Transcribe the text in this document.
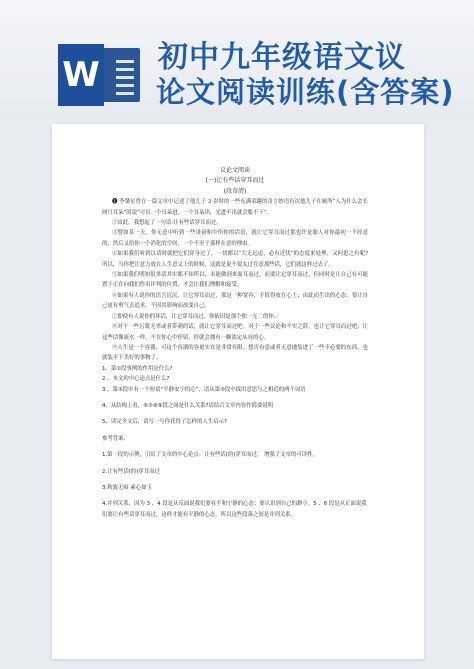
W 初中九年级语文议
论文阅读训练(含答案)
议论文阅读
(一)让有些话穿耳而过
(段奇清)
❶ 李肇星曾在一篇文章中记述了他儿子 3 岁时的一些充满童趣的奇言妙语有次他儿子在厕所“人为什么会长两只耳朵”时说“可以一个耳朵进，一个耳朵出，光进不出就会胀不下”。
②由此，我想起了一句话:让有些话穿耳而过。
③譬如某一天，你无意中听到一些诽谤和中伤你的话语，就让它穿耳而过那也许是聪人对你最初一不经意的，然后又给你一个消化的空间，一个不至于那样在意的理由。
④如果我们听到以话时就把它们穿身过了，一切都以“大无远虑，必有近忧”的态度来处理，又何患之有呢? 所以，当你把注意力放在人生意义上的时候，这就是说不要太过在意那些话，它们就这样过去了。
⑤如果我们明知很多话其实都不知所以，未能做到来面耳而过，而要让它穿耳而过，但同时是让自己有可能置于正在向我们作出评判的位置，才会让我们理解和接受。
⑥如果有人说你的语言沉沉，让它穿耳而过，那是一种宽容，不值得放在心上；由此而生出的心态，要让自己更有勇气去追求，不因其影响而改变自己。
⑦即使有人说你的坏话，让它穿耳而过，你依旧是那个独一无二的你。
⑧对于一些污蔑无辜或者带刺的话，就让它穿耳而过吧。对于一些议论和不实之辞，也让它穿耳而过吧；让这些话像流水一样，不在你心中停留，你就会拥有一颗淡定从容的心。
⑨人生是一个容器，可这个容器的容量实在是非常有限。想否有意或者无意地装进了一些不必要的东西，也就装不下美好的事物了。
1、第①段事例的作用是什么?
2 、本文的中心论点是什么?
3 、第⑤段中有一个短语“平静安宁的心”，请从第⑤段中找出意思与之相近的两个词语
4、从结构上看，⑥⑦⑧⑨段之间是什么关系?请结合文章内容作简要说明
5、读完全文后，请写一写你获得了怎样的人生启示?
参考答案:
1.第一段的示例，引出了文章的中心论点：让有些话(的)穿耳而过， 增强了文章的可读性。
2.让有些话(的)穿耳而过
3.秋波无痕 素心如玉
4.并列关系，因为 3 、4 段是从反面说我们要有平和宁静的心态；要认识到自己的渺小。5 、6 段是从正面说我们要让有些话穿耳而过，这样才能有平静的心态，所以这些段落之间是并列关系。
